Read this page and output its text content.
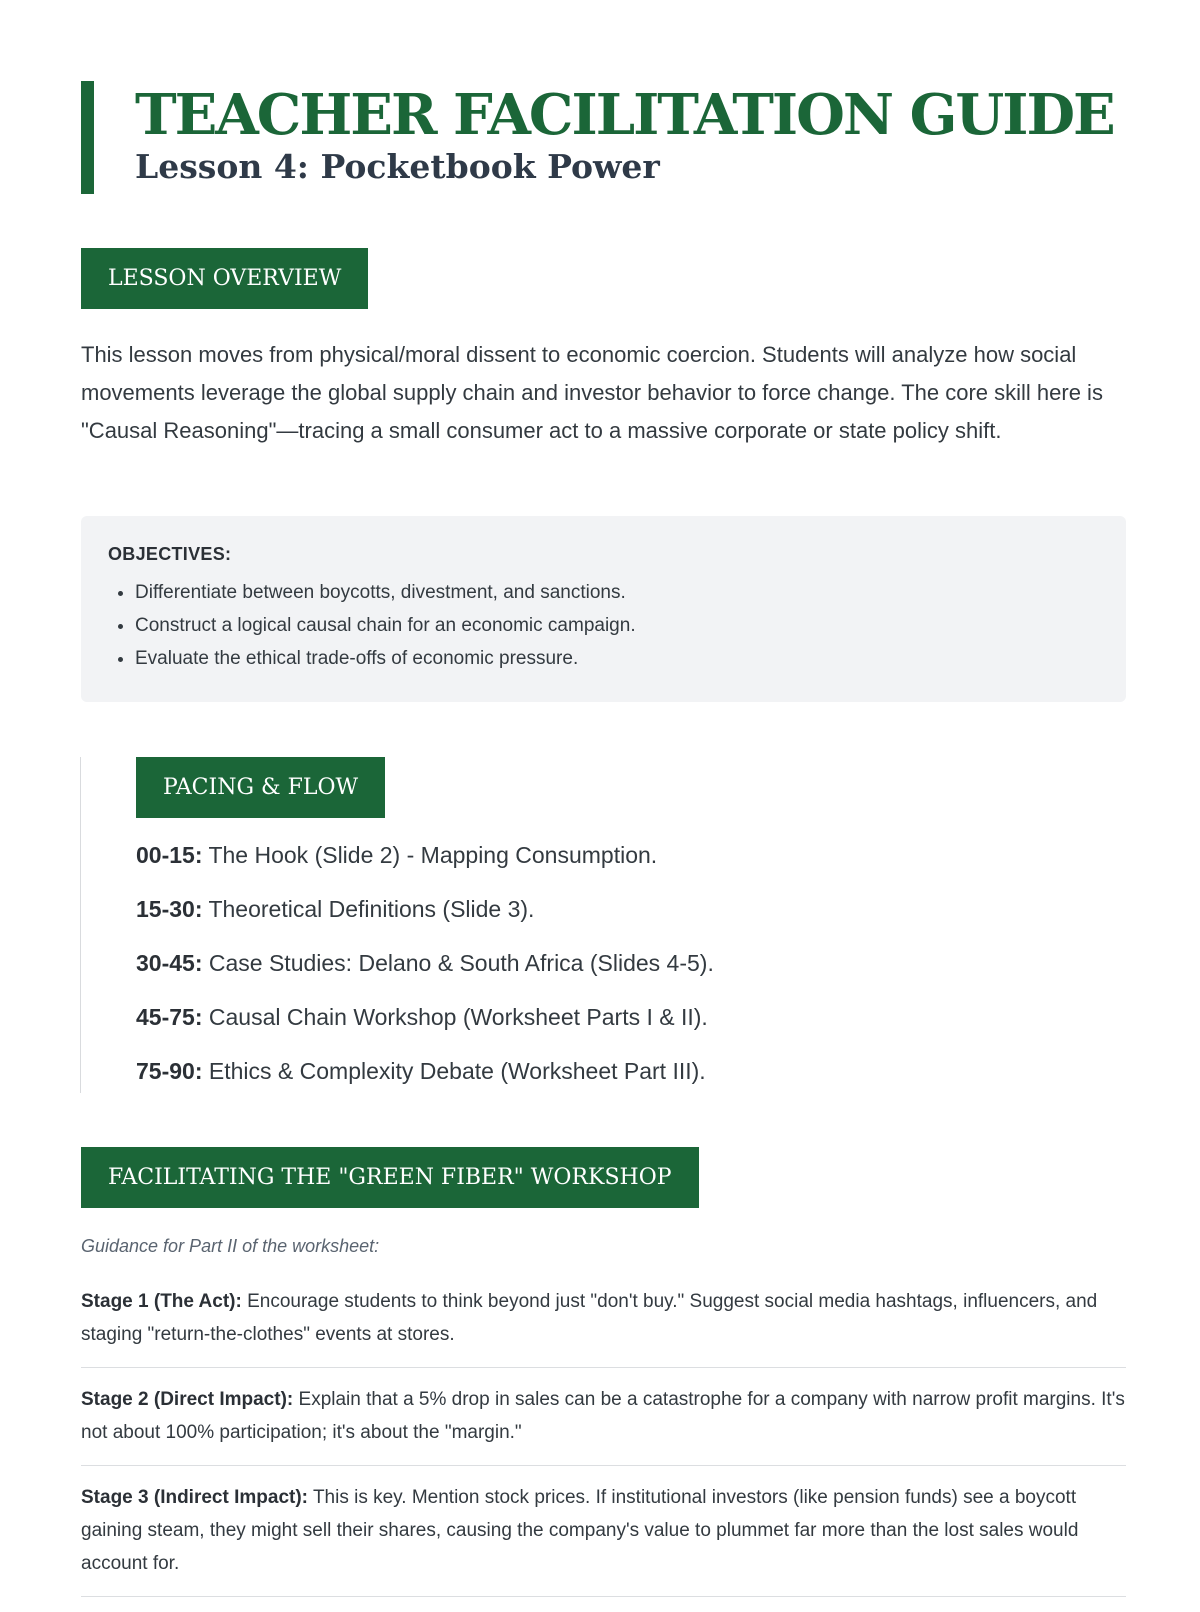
TEACHER FACILITATION GUIDE
Lesson 4: Pocketbook Power
LESSON OVERVIEW

This lesson moves from physical/moral dissent to economic coercion. Students will analyze how social movements leverage the global supply chain and investor behavior to force change. The core skill here is "Causal Reasoning"—tracing a small consumer act to a massive corporate or state policy shift.

OBJECTIVES:
• Differentiate between boycotts, divestment, and sanctions.
• Construct a logical causal chain for an economic campaign.
• Evaluate the ethical trade-offs of economic pressure.
PACING & FLOW
00-15: The Hook (Slide 2) - Mapping Consumption.
15-30: Theoretical Definitions (Slide 3).
30-45: Case Studies: Delano & South Africa (Slides 4-5).
45-75: Causal Chain Workshop (Worksheet Parts I & II).
75-90: Ethics & Complexity Debate (Worksheet Part III).
FACILITATING THE "GREEN FIBER" WORKSHOP

Guidance for Part II of the worksheet:

Stage 1 (The Act): Encourage students to think beyond just "don't buy." Suggest social media hashtags, influencers, and staging "return-the-clothes" events at stores.
Stage 2 (Direct Impact): Explain that a 5% drop in sales can be a catastrophe for a company with narrow profit margins. It's not about 100% participation; it's about the "margin."
Stage 3 (Indirect Impact): This is key. Mention stock prices. If institutional investors (like pension funds) see a boycott gaining steam, they might sell their shares, causing the company's value to plummet far more than the lost sales would account for.
